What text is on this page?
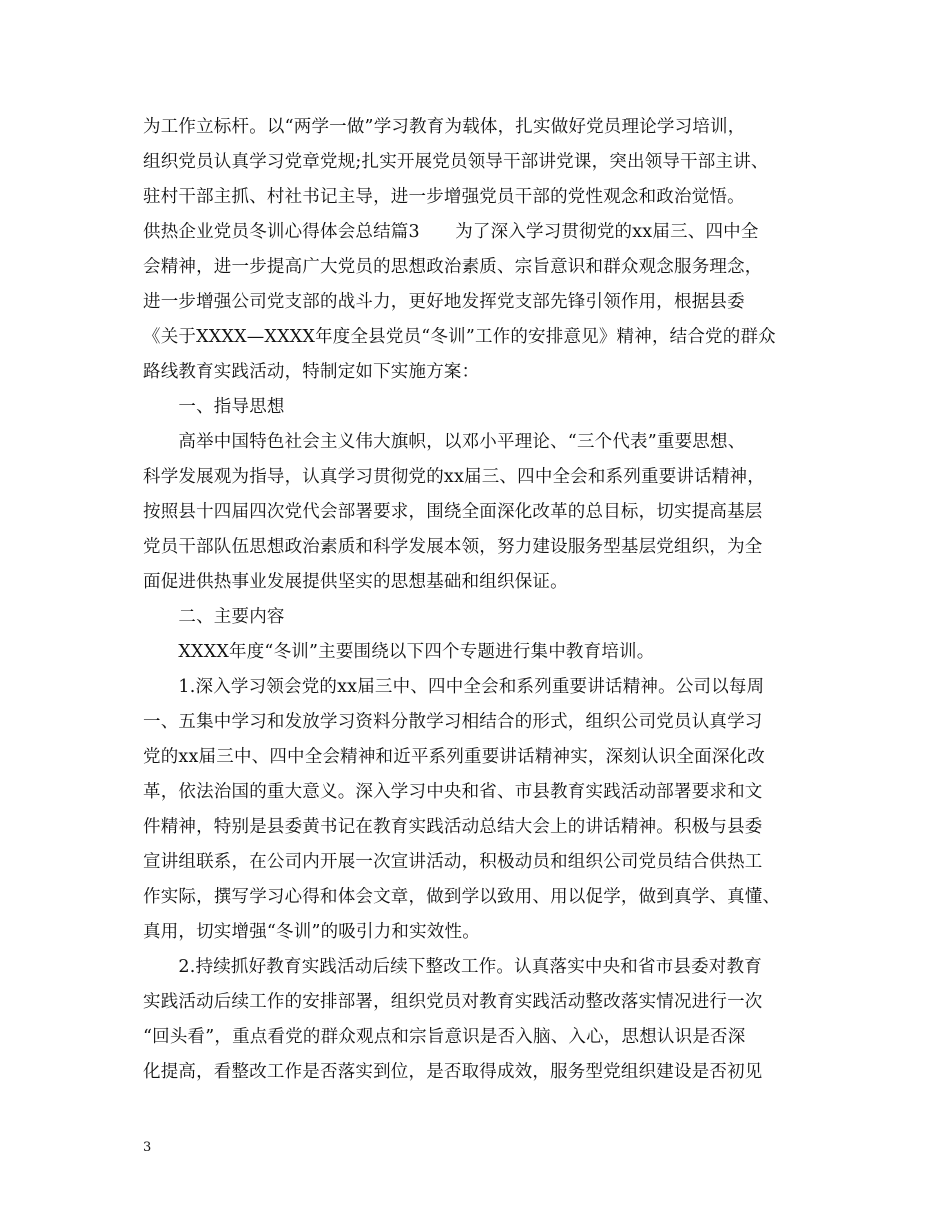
为工作立标杆。以“两学一做”学习教育为载体，扎实做好党员理论学习培训，
组织党员认真学习党章党规;扎实开展党员领导干部讲党课，突出领导干部主讲、
驻村干部主抓、村社书记主导，进一步增强党员干部的党性观念和政治觉悟。
供热企业党员冬训心得体会总结篇3　　为了深入学习贯彻党的xx届三、四中全
会精神，进一步提高广大党员的思想政治素质、宗旨意识和群众观念服务理念，
进一步增强公司党支部的战斗力，更好地发挥党支部先锋引领作用，根据县委
《关于XXXX—XXXX年度全县党员“冬训”工作的安排意见》精神，结合党的群众
路线教育实践活动，特制定如下实施方案：
　　一、指导思想
　　高举中国特色社会主义伟大旗帜，以邓小平理论、“三个代表”重要思想、
科学发展观为指导，认真学习贯彻党的xx届三、四中全会和系列重要讲话精神，
按照县十四届四次党代会部署要求，围绕全面深化改革的总目标，切实提高基层
党员干部队伍思想政治素质和科学发展本领，努力建设服务型基层党组织，为全
面促进供热事业发展提供坚实的思想基础和组织保证。
　　二、主要内容
　　XXXX年度“冬训”主要围绕以下四个专题进行集中教育培训。
　　1.深入学习领会党的xx届三中、四中全会和系列重要讲话精神。公司以每周
一、五集中学习和发放学习资料分散学习相结合的形式，组织公司党员认真学习
党的xx届三中、四中全会精神和近平系列重要讲话精神实，深刻认识全面深化改
革，依法治国的重大意义。深入学习中央和省、市县教育实践活动部署要求和文
件精神，特别是县委黄书记在教育实践活动总结大会上的讲话精神。积极与县委
宣讲组联系，在公司内开展一次宣讲活动，积极动员和组织公司党员结合供热工
作实际，撰写学习心得和体会文章，做到学以致用、用以促学，做到真学、真懂、
真用，切实增强“冬训”的吸引力和实效性。
　　2.持续抓好教育实践活动后续下整改工作。认真落实中央和省市县委对教育
实践活动后续工作的安排部署，组织党员对教育实践活动整改落实情况进行一次
“回头看”，重点看党的群众观点和宗旨意识是否入脑、入心，思想认识是否深
化提高，看整改工作是否落实到位，是否取得成效，服务型党组织建设是否初见
3
